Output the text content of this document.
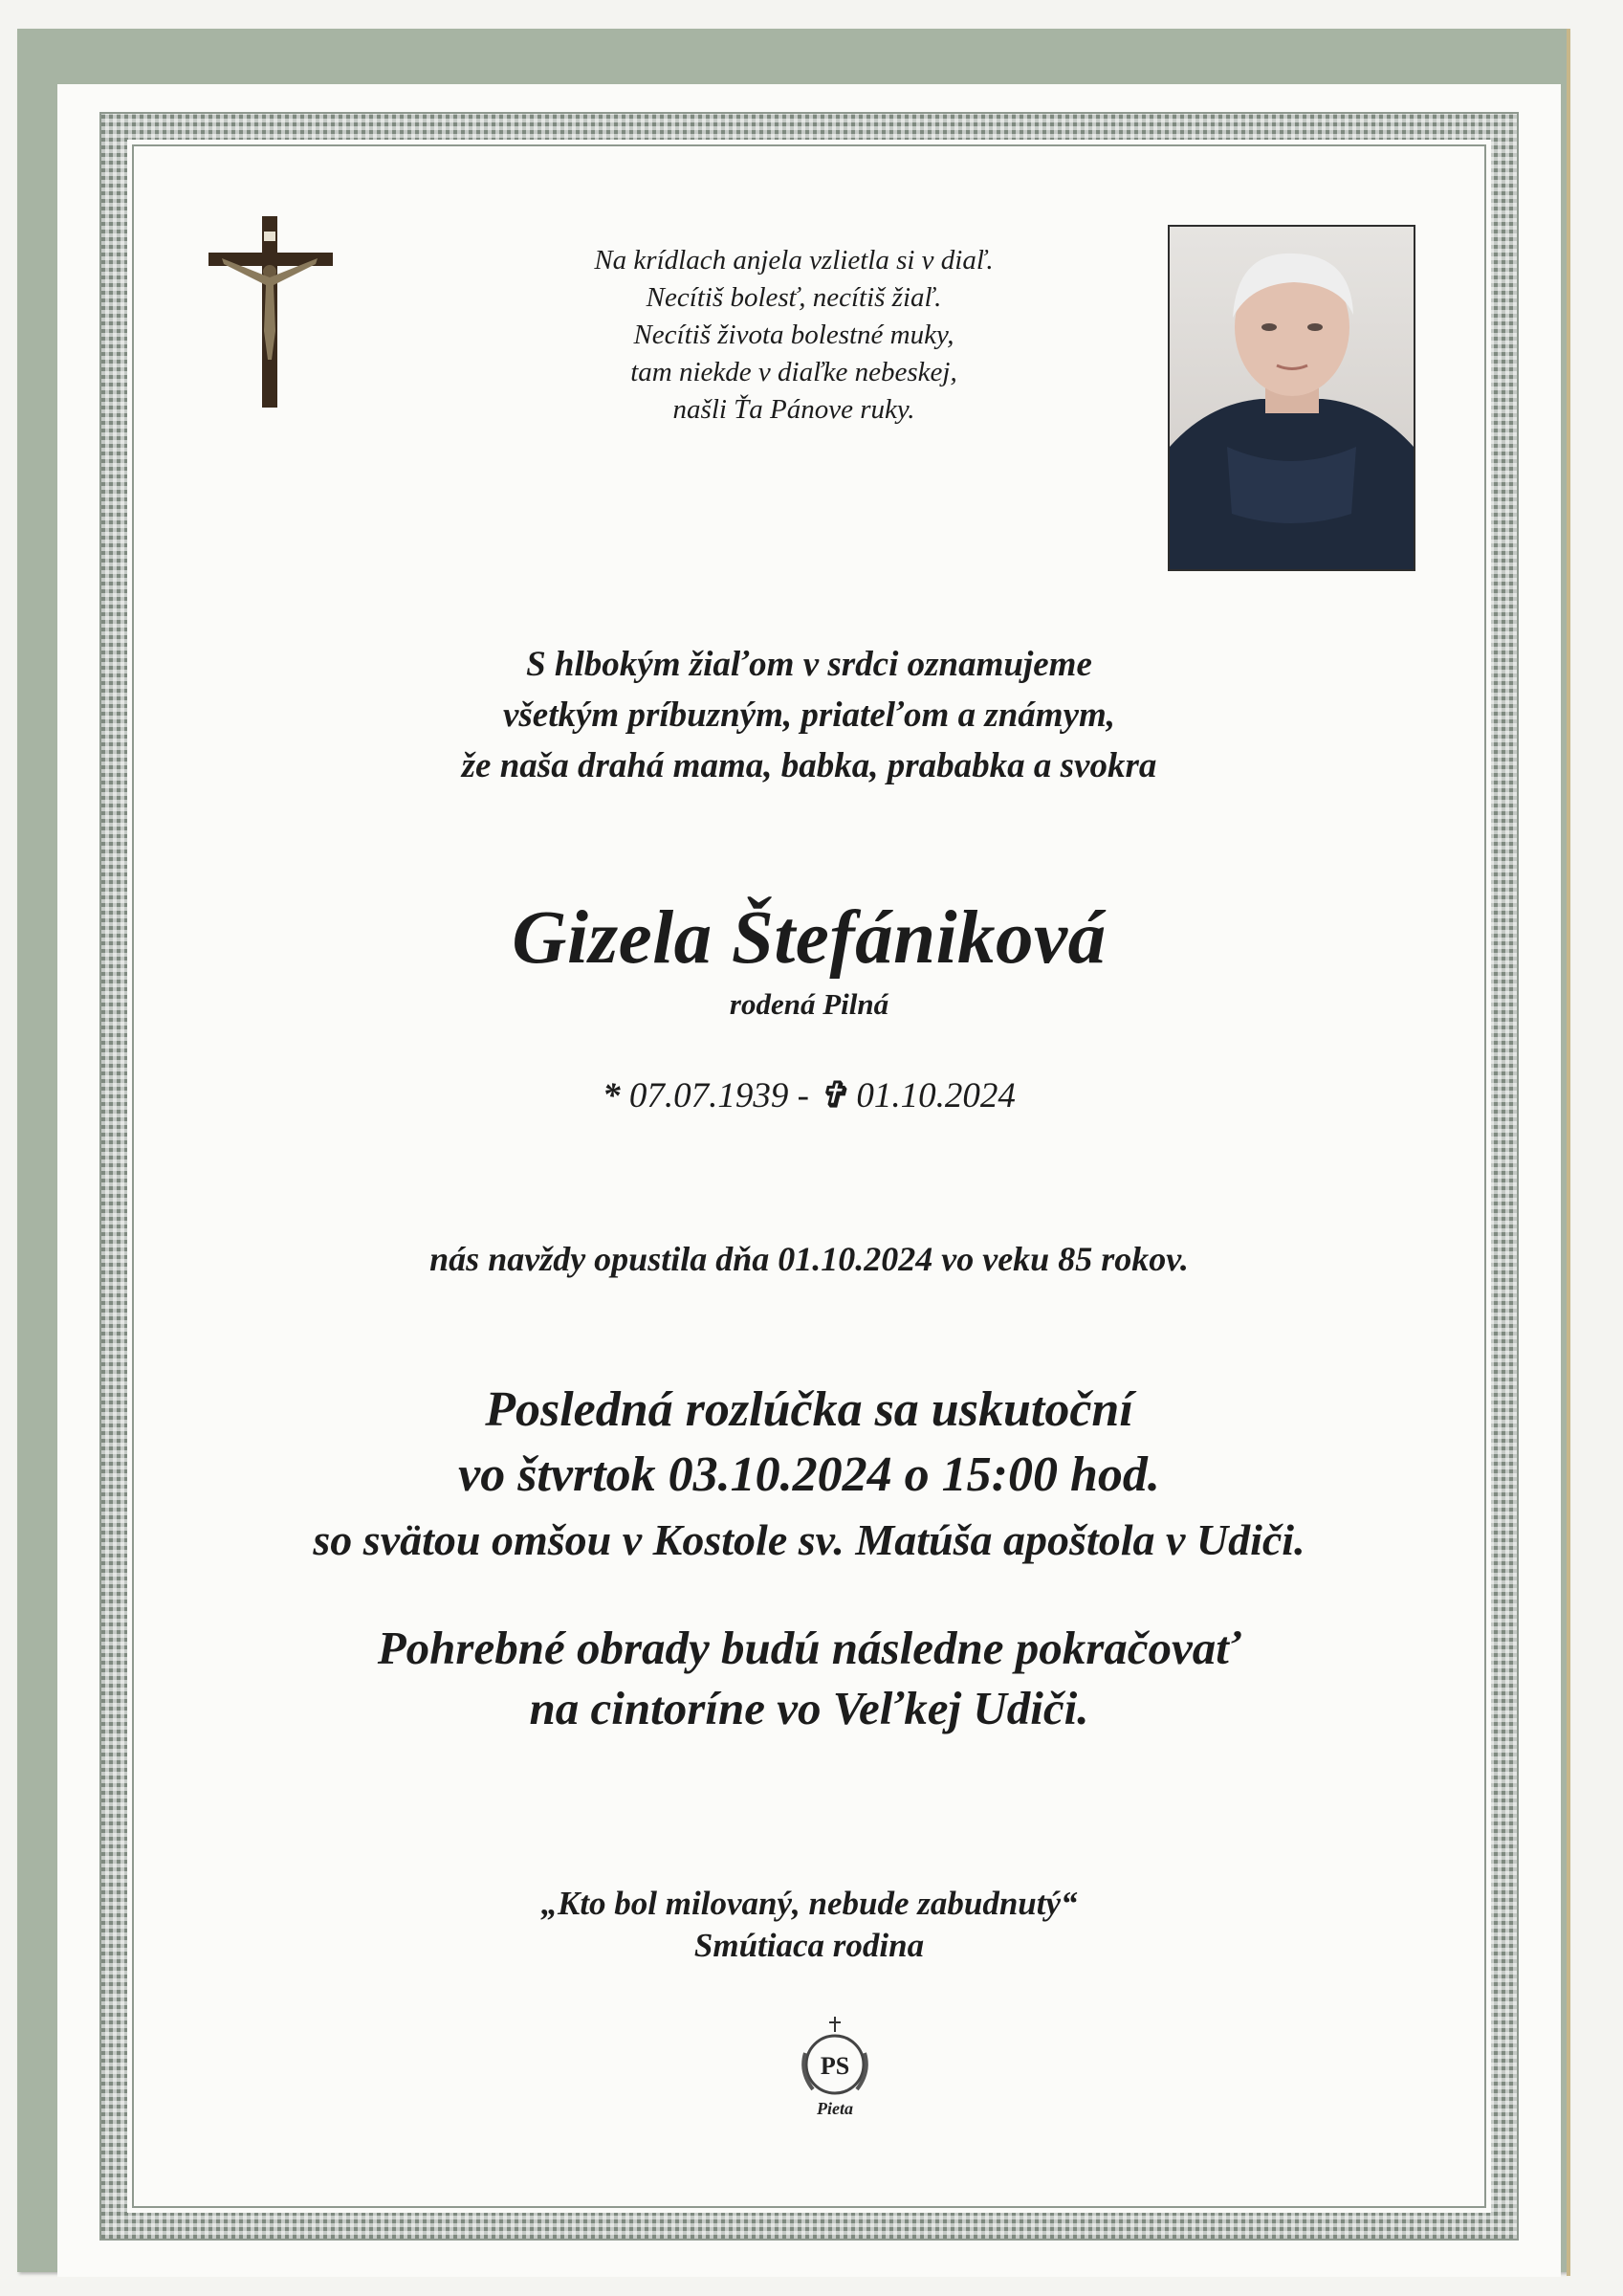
Na krídlach anjela vzlietla si v diaľ.
Necítiš bolesť, necítiš žiaľ.
Necítiš života bolestné muky,
tam niekde v diaľke nebeskej,
našli Ťa Pánove ruky.
S hlbokým žiaľom v srdci oznamujeme
všetkým príbuzným, priateľom a známym,
že naša drahá mama, babka, prababka a svokra
Gizela Štefániková
rodená Pilná
* 07.07.1939 - ✞ 01.10.2024
nás navždy opustila dňa 01.10.2024 vo veku 85 rokov.
Posledná rozlúčka sa uskutoční
vo štvrtok 03.10.2024 o 15:00 hod.
so svätou omšou v Kostole sv. Matúša apoštola v Udiči.
Pohrebné obrady budú následne pokračovať
na cintoríne vo Veľkej Udiči.
„Kto bol milovaný, nebude zabudnutý“
Smútiaca rodina
PS
Pieta
